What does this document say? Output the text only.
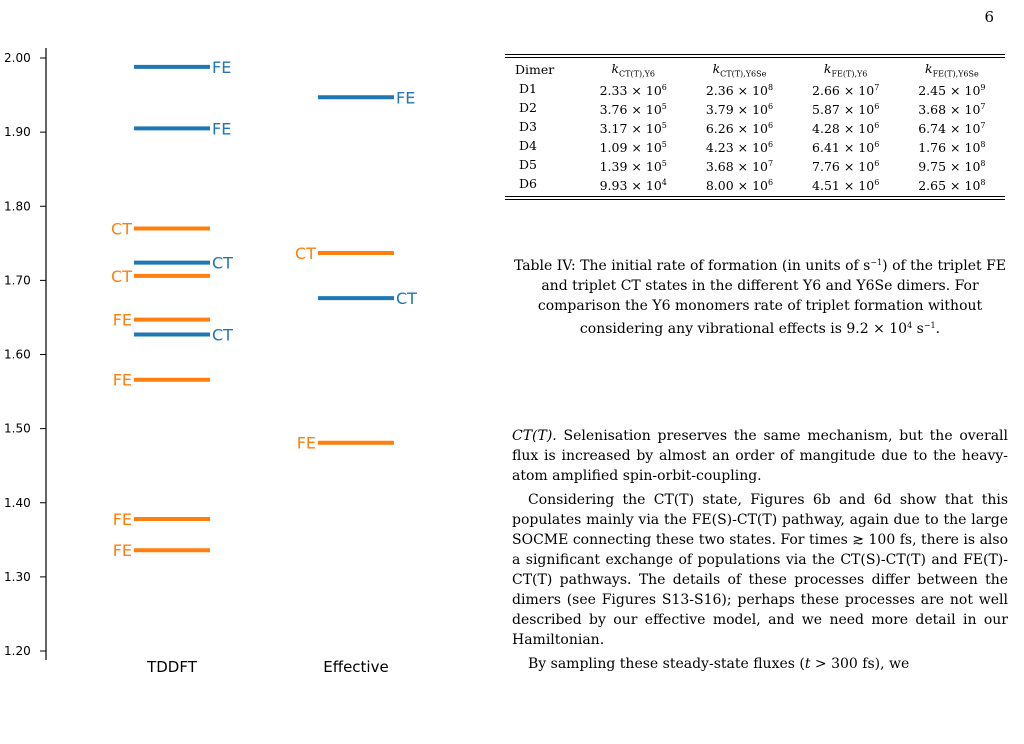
6
2.00
1.90
1.80
1.70
1.60
1.50
1.40
1.30
1.20
FE
FE
CT
CT
CT
FE
CT
FE
FE
FE
FE
CT
CT
FE
TDDFT	Effective
Dimer	$k_{CT(T),Y6}$	$k_{CT(T),Y6Se}$	$k_{FE(T),Y6}$	$k_{FE(T),Y6Se}$
D1	$2.33 \times 10^6$	$2.36 \times 10^8$	$2.66 \times 10^7$	$2.45 \times 10^9$
D2	$3.76 \times 10^5$	$3.79 \times 10^6$	$5.87 \times 10^6$	$3.68 \times 10^7$
D3	$3.17 \times 10^5$	$6.26 \times 10^6$	$4.28 \times 10^6$	$6.74 \times 10^7$
D4	$1.09 \times 10^5$	$4.23 \times 10^6$	$6.41 \times 10^6$	$1.76 \times 10^8$
D5	$1.39 \times 10^5$	$3.68 \times 10^7$	$7.76 \times 10^6$	$9.75 \times 10^8$
D6	$9.93 \times 10^4$	$8.00 \times 10^6$	$4.51 \times 10^6$	$2.65 \times 10^8$
Table IV: The initial rate of formation (in units of $s^{-1}$) of the triplet FE and triplet CT states in the different Y6 and Y6Se dimers. For comparison the Y6 monomers rate of triplet formation without considering any vibrational effects is $9.2 \times 10^4$ $s^{-1}$.

CT(T). Selenisation preserves the same mechanism, but the overall flux is increased by almost an order of mangitude due to the heavy-atom amplified spin-orbit-coupling.

Considering the CT(T) state, Figures 6b and 6d show that this populates mainly via the FE(S)-CT(T) pathway, again due to the large SOCME connecting these two states. For times ≳ 100 fs, there is also a significant exchange of populations via the CT(S)-CT(T) and FE(T)-CT(T) pathways. The details of these processes differ between the dimers (see Figures S13-S16); perhaps these processes are not well described by our effective model, and we need more detail in our Hamiltonian.

By sampling these steady-state fluxes (t > 300 fs), we
